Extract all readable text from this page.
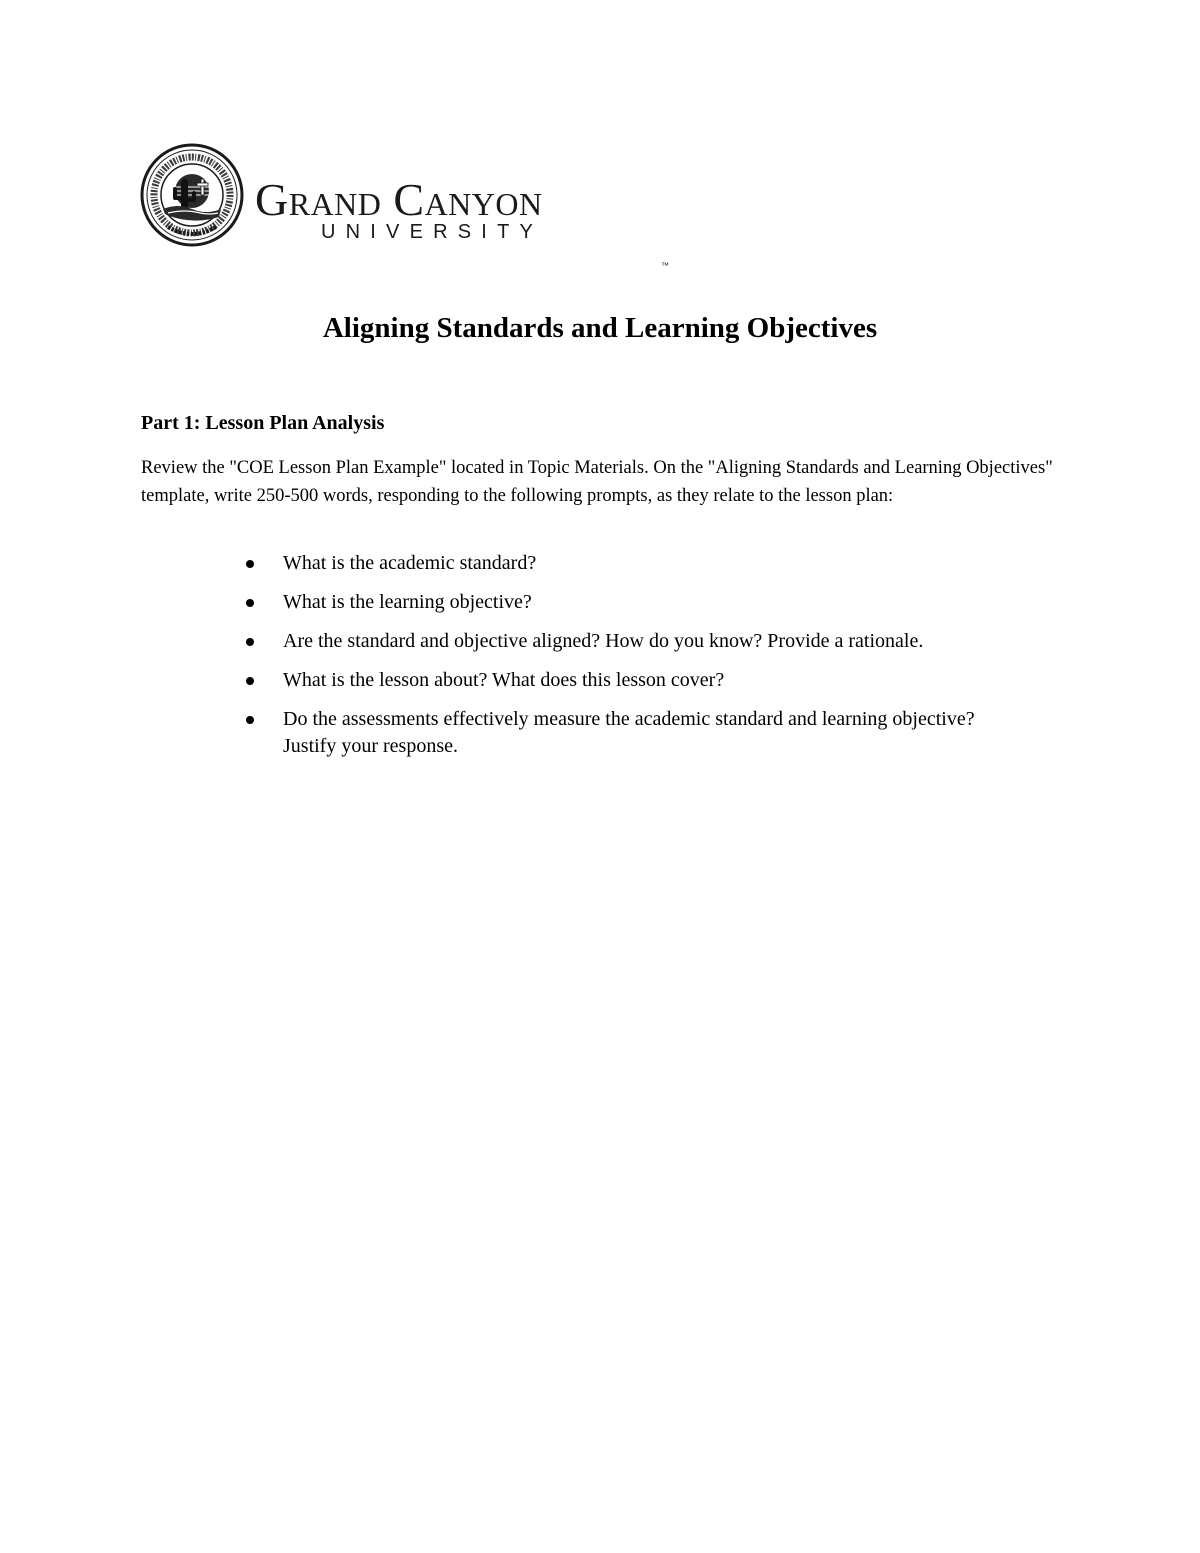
Grand Canyon
UNIVERSITY
™
Aligning Standards and Learning Objectives
Part 1: Lesson Plan Analysis

Review the "COE Lesson Plan Example" located in Topic Materials. On the "Aligning Standards and Learning Objectives" template, write 250-500 words, responding to the following prompts, as they relate to the lesson plan:

What is the academic standard?
What is the learning objective?
Are the standard and objective aligned? How do you know? Provide a rationale.
What is the lesson about? What does this lesson cover?
Do the assessments effectively measure the academic standard and learning objective? Justify your response.
